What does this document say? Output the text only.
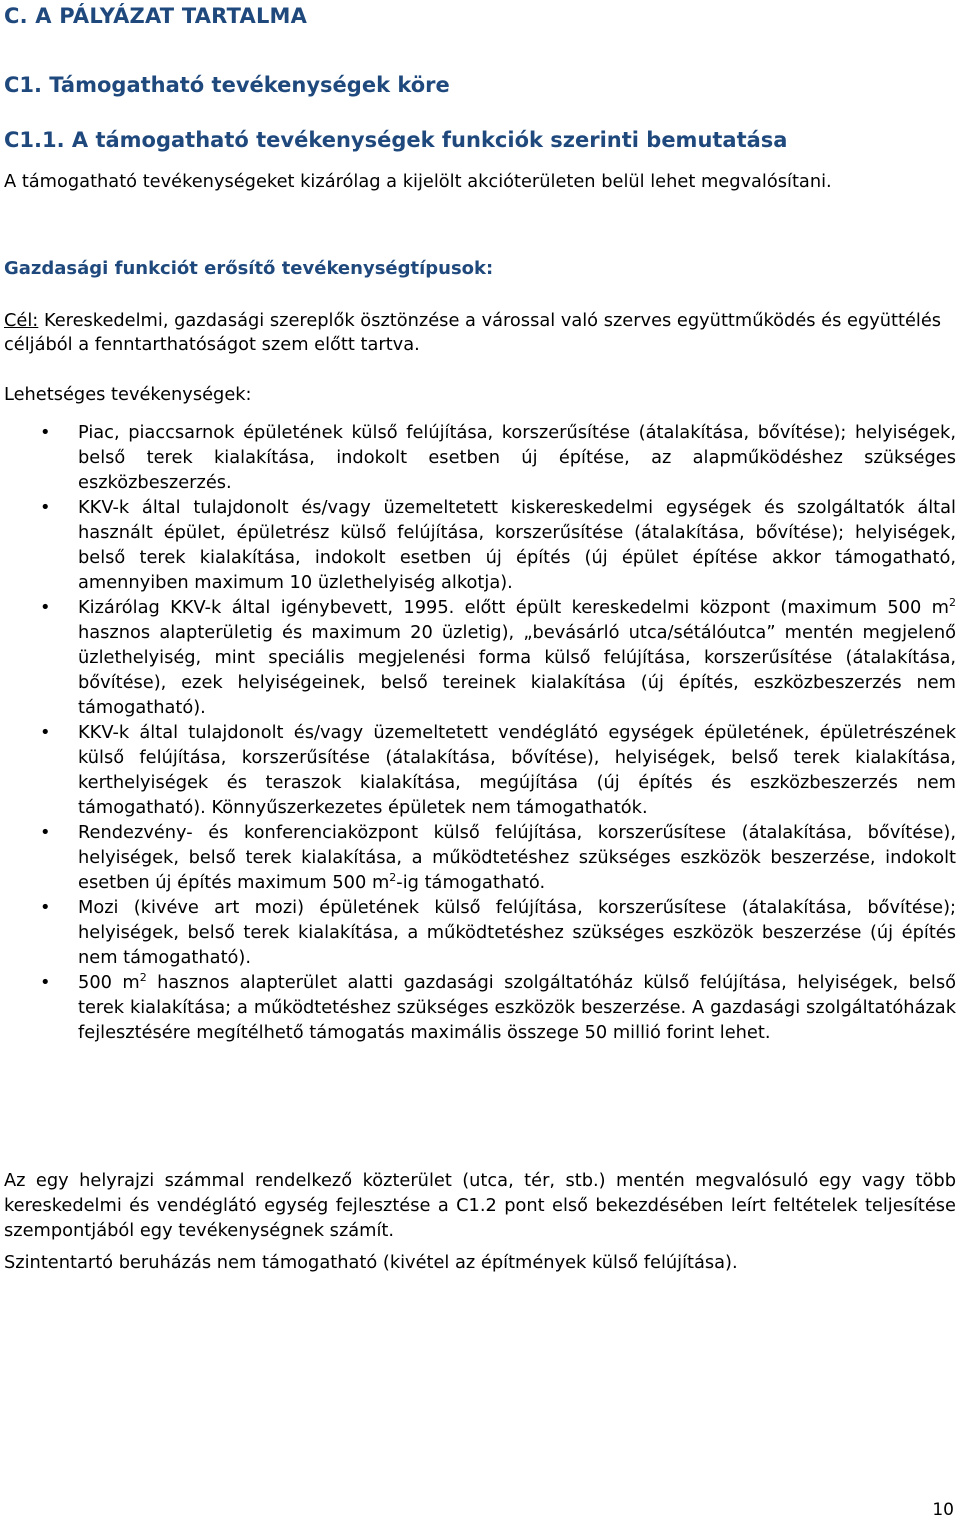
C. A PÁLYÁZAT TARTALMA
C1. Támogatható tevékenységek köre
C1.1. A támogatható tevékenységek funkciók szerinti bemutatása

A támogatható tevékenységeket kizárólag a kijelölt akcióterületen belül lehet megvalósítani.

Gazdasági funkciót erősítő tevékenységtípusok:

Cél: Kereskedelmi, gazdasági szereplők ösztönzése a várossal való szerves együttműködés és együttélés céljából a fenntarthatóságot szem előtt tartva.

Lehetséges tevékenységek:

• Piac, piaccsarnok épületének külső felújítása, korszerűsítése (átalakítása, bővítése); helyiségek, belső terek kialakítása, indokolt esetben új építése, az alapműködéshez szükséges eszközbeszerzés.
• KKV-k által tulajdonolt és/vagy üzemeltetett kiskereskedelmi egységek és szolgáltatók által használt épület, épületrész külső felújítása, korszerűsítése (átalakítása, bővítése); helyiségek, belső terek kialakítása, indokolt esetben új építés (új épület építése akkor támogatható, amennyiben maximum 10 üzlethelyiség alkotja).
• Kizárólag KKV-k által igénybevett, 1995. előtt épült kereskedelmi központ (maximum 500 $m^2$ hasznos alapterületig és maximum 20 üzletig), „bevásárló utca/sétálóutca” mentén megjelenő üzlethelyiség, mint speciális megjelenési forma külső felújítása, korszerűsítése (átalakítása, bővítése), ezek helyiségeinek, belső tereinek kialakítása (új építés, eszközbeszerzés nem támogatható).
• KKV-k által tulajdonolt és/vagy üzemeltetett vendéglátó egységek épületének, épületrészének külső felújítása, korszerűsítése (átalakítása, bővítése), helyiségek, belső terek kialakítása, kerthelyiségek és teraszok kialakítása, megújítása (új építés és eszközbeszerzés nem támogatható). Könnyűszerkezetes épületek nem támogathatók.
• Rendezvény- és konferenciaközpont külső felújítása, korszerűsítese (átalakítása, bővítése), helyiségek, belső terek kialakítása, a működtetéshez szükséges eszközök beszerzése, indokolt esetben új építés maximum 500 $m^2-ig$ támogatható.
• Mozi (kivéve art mozi) épületének külső felújítása, korszerűsítese (átalakítása, bővítése); helyiségek, belső terek kialakítása, a működtetéshez szükséges eszközök beszerzése (új építés nem támogatható).
• 500 $m^2$ hasznos alapterület alatti gazdasági szolgáltatóház külső felújítása, helyiségek, belső terek kialakítása; a működtetéshez szükséges eszközök beszerzése. A gazdasági szolgáltatóházak fejlesztésére megítélhető támogatás maximális összege 50 millió forint lehet.

Az egy helyrajzi számmal rendelkező közterület (utca, tér, stb.) mentén megvalósuló egy vagy több kereskedelmi és vendéglátó egység fejlesztése a C1.2 pont első bekezdésében leírt feltételek teljesítése szempontjából egy tevékenységnek számít.

Szintentartó beruházás nem támogatható (kivétel az építmények külső felújítása).

10
